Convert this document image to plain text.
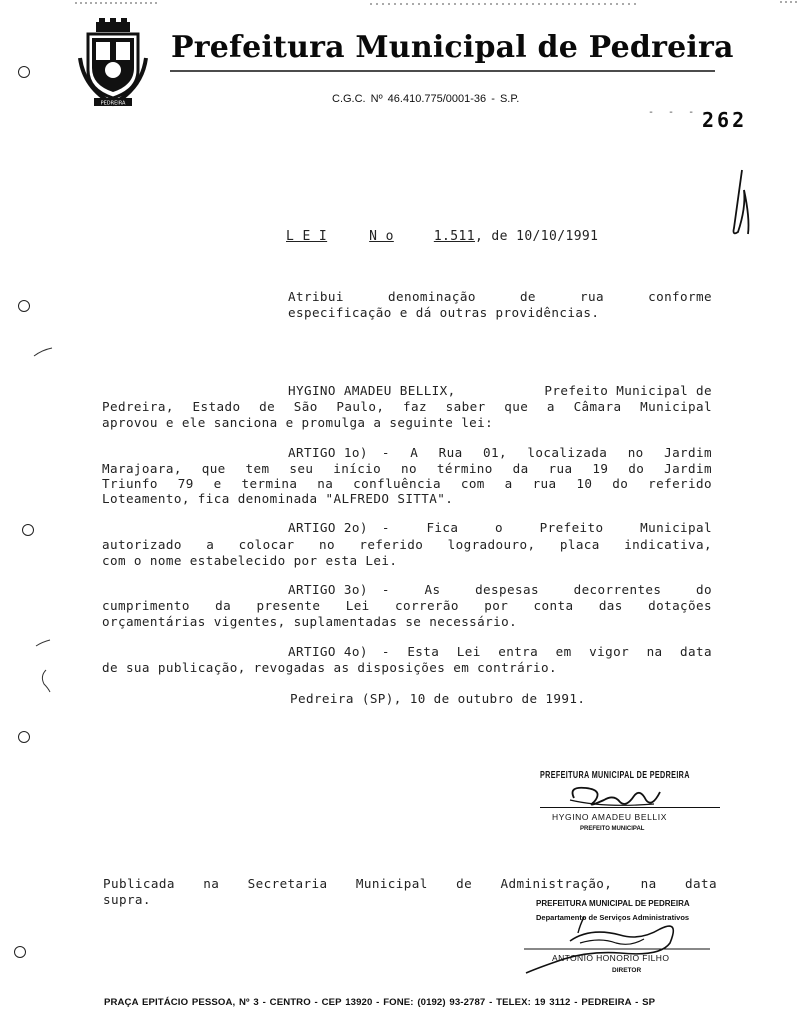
PEDREIRA
Prefeitura Municipal de Pedreira
C.G.C. Nº 46.410.775/0001-36 - S.P.
- - - 262
L E I	N o	1.511, de 10/10/1991
Atribui	denominação	de	rua	conforme
especificação e dá outras providências.
HYGINO AMADEU BELLIX,	Prefeito Municipal de
Pedreira, Estado de São Paulo, faz saber que a Câmara Municipal
aprovou e ele sanciona e promulga a seguinte lei:
ARTIGO 1o) - A Rua 01, localizada no Jardim
Marajoara, que tem seu início no término da rua 19 do Jardim
Triunfo 79 e termina na confluência com a rua 10 do referido
Loteamento, fica denominada "ALFREDO SITTA".
ARTIGO 2o) - Fica o Prefeito Municipal
autorizado a colocar no referido logradouro, placa indicativa,
com o nome estabelecido por esta Lei.
ARTIGO 3o) - As despesas decorrentes do
cumprimento da presente Lei correrão por conta das dotações
orçamentárias vigentes, suplamentadas se necessário.
ARTIGO 4o) - Esta Lei entra em vigor na data
de sua publicação, revogadas as disposições em contrário.
Pedreira (SP), 10 de outubro de 1991.
PREFEITURA MUNICIPAL DE PEDREIRA
HYGINO AMADEU BELLIX
PREFEITO MUNICIPAL
Publicada na Secretaria Municipal de Administração, na data
supra.	PREFEITURA MUNICIPAL DE PEDREIRA
Departamento de Serviços Administrativos
ANTONIO HONORIO FILHO
DIRETOR
PRAÇA EPITÁCIO PESSOA, Nº 3 - CENTRO - CEP 13920 - FONE: (0192) 93-2787 - TELEX: 19 3112 - PEDREIRA - SP
